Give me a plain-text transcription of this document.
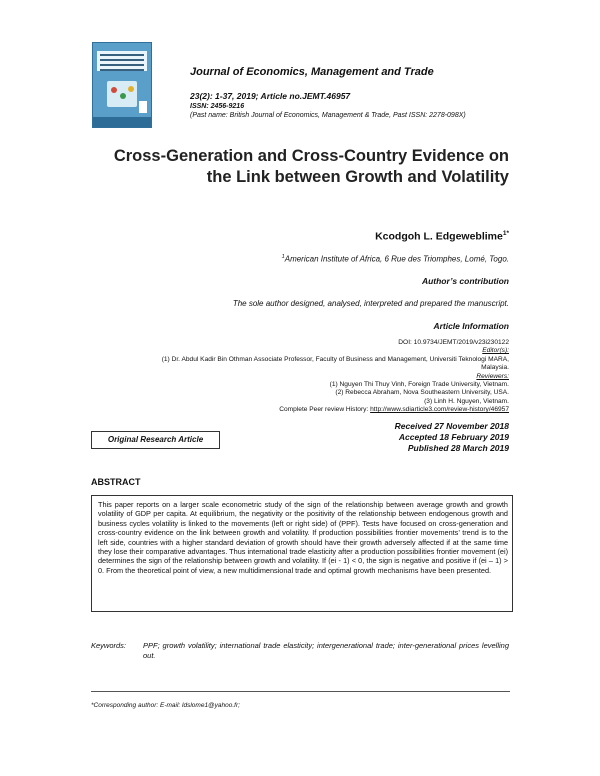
Journal of Economics, Management and Trade
23(2): 1-37, 2019; Article no.JEMT.46957
ISSN: 2456-9216
(Past name: British Journal of Economics, Management & Trade, Past ISSN: 2278-098X)
Cross-Generation and Cross-Country Evidence on
the Link between Growth and Volatility
Kcodgoh L. Edgeweblime$^{1*}$
$^1$American Institute of Africa, 6 Rue des Triomphes, Lomé, Togo.
Author’s contribution
The sole author designed, analysed, interpreted and prepared the manuscript.
Article Information
DOI: 10.9734/JEMT/2019/v23i230122
Editor(s):
(1) Dr. Abdul Kadir Bin Othman Associate Professor, Faculty of Business and Management, Universiti Teknologi MARA,
Malaysia.
Reviewers:
(1) Nguyen Thi Thuy Vinh, Foreign Trade University, Vietnam.
(2) Rebecca Abraham, Nova Southeastern University, USA.
(3) Linh H. Nguyen, Vietnam.
Complete Peer review History: http://www.sdiarticle3.com/review-history/46957
Original Research Article
Received 27 November 2018
Accepted 18 February 2019
Published 28 March 2019
ABSTRACT
This paper reports on a larger scale econometric study of the sign of the relationship between average growth and growth volatility of GDP per capita. At equilibrium, the negativity or the positivity of the relationship between endogenous growth and business cycles volatility is linked to the movements (left or right side) of (PPF). Tests have focused on cross-generation and cross-country evidence on the link between growth and volatility. If production possibilities frontier movements’ trend is to the left side, countries with a higher standard deviation of growth should have their growth adversely affected if at the same time they lose their comparative advantages. Thus international trade elasticity after a production possibilities frontier movement (ei) determines the sign of the relationship between growth and volatility. If (ei - 1) < 0, the sign is negative and positive if (ei – 1) > 0. From the theoretical point of view, a new multidimensional trade and optimal growth mechanisms have been presented.
Keywords: PPF; growth volatility; international trade elasticity; intergenerational trade; inter-generational prices levelling out.
*Corresponding author: E-mail: ldslome1@yahoo.fr;
